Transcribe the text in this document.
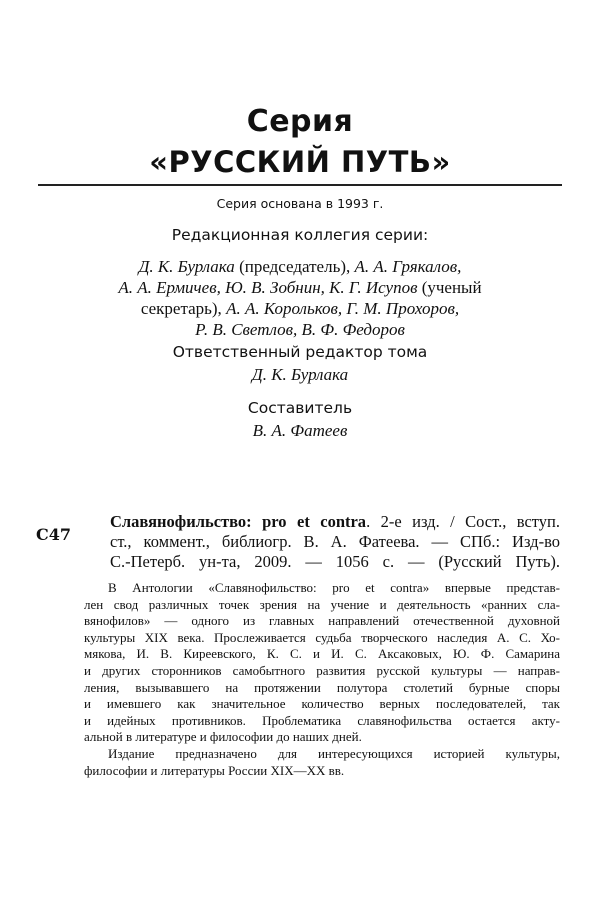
Серия
«РУССКИЙ ПУТЬ»
Серия основана в 1993 г.
Редакционная коллегия серии:
Д. К. Бурлака (председатель), А. А. Грякалов,
А. А. Ермичев, Ю. В. Зобнин, К. Г. Исупов (ученый
секретарь), А. А. Корольков, Г. М. Прохоров,
Р. В. Светлов, В. Ф. Федоров
Ответственный редактор тома
Д. К. Бурлака
Составитель
В. А. Фатеев
С47
Славянофильство: pro et contra. 2-е изд. / Сост., вступ.
ст., коммент., библиогр. В. А. Фатеева. — СПб.: Изд-во
С.-Петерб. ун-та, 2009. — 1056 с. — (Русский Путь).
В Антологии «Славянофильство: pro et contra» впервые представ-
лен свод различных точек зрения на учение и деятельность «ранних сла-
вянофилов» — одного из главных направлений отечественной духовной
культуры XIX века. Прослеживается судьба творческого наследия А. С. Хо-
мякова, И. В. Киреевского, К. С. и И. С. Аксаковых, Ю. Ф. Самарина
и других сторонников самобытного развития русской культуры — направ-
ления, вызывавшего на протяжении полутора столетий бурные споры
и имевшего как значительное количество верных последователей, так
и идейных противников. Проблематика славянофильства остается акту-
альной в литературе и философии до наших дней.
Издание предназначено для интересующихся историей культуры,
философии и литературы России XIX—XX вв.
